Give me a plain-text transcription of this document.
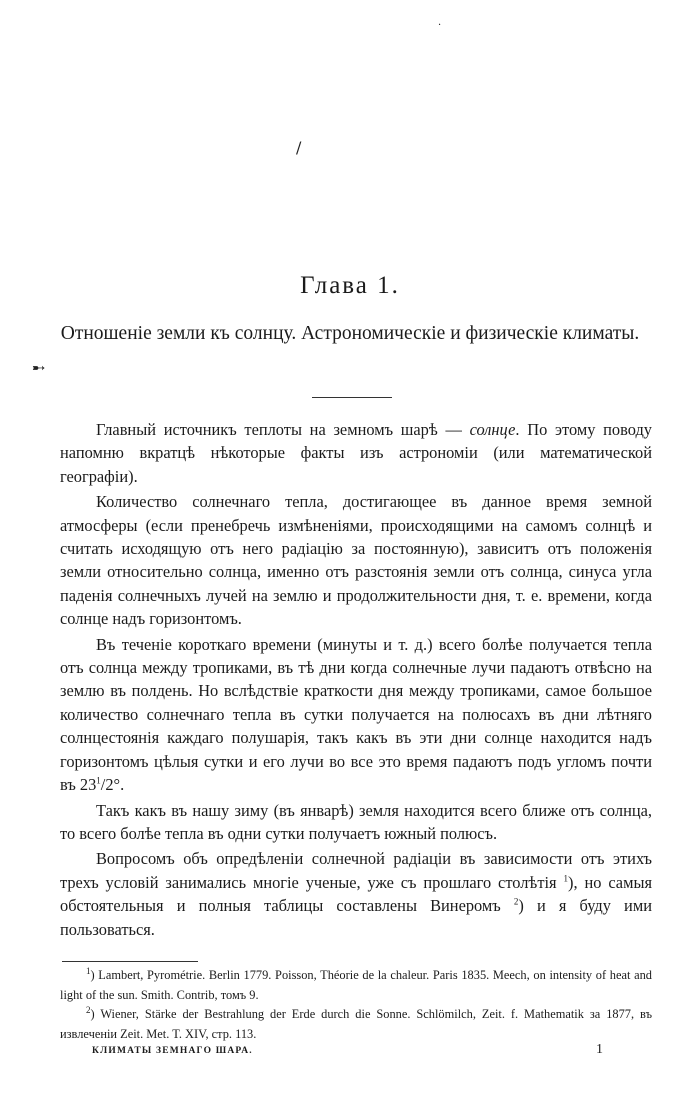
·
/
➸
Глава 1.
Отношеніе земли къ солнцу. Астрономическіе и физическіе климаты.

Главный источникъ теплоты на земномъ шарѣ — солнце. По этому поводу напомню вкратцѣ нѣкоторые факты изъ астрономіи (или математической географіи).

Количество солнечнаго тепла, достигающее въ данное время земной атмосферы (если пренебречь измѣненіями, происходящими на самомъ солнцѣ и считать исходящую отъ него радіацію за постоянную), зависитъ отъ положенія земли относительно солнца, именно отъ разстоянія земли отъ солнца, синуса угла паденія солнечныхъ лучей на землю и продолжительности дня, т. е. времени, когда солнце надъ горизонтомъ.

Въ теченіе короткаго времени (минуты и т. д.) всего болѣе получается тепла отъ солнца между тропиками, въ тѣ дни когда солнечные лучи падаютъ отвѣсно на землю въ полдень. Но вслѣдствіе краткости дня между тропиками, самое большое количество солнечнаго тепла въ сутки получается на полюсахъ въ дни лѣтняго солнцестоянія каждаго полушарія, такъ какъ въ эти дни солнце находится надъ горизонтомъ цѣлыя сутки и его лучи во все это время падаютъ подъ угломъ почти въ $23^1/2^\circ$.

Такъ какъ въ нашу зиму (въ январѣ) земля находится всего ближе отъ солнца, то всего болѣе тепла въ одни сутки получаетъ южный полюсъ.

Вопросомъ объ опредѣленіи солнечной радіаціи въ зависимости отъ этихъ трехъ условій занимались многіе ученые, уже съ прошлаго столѣтія $^1$), но самыя обстоятельныя и полныя таблицы составлены Винеромъ $^2$) и я буду ими пользоваться.

$^1$) Lambert, Pyrométrie. Berlin 1779. Poisson, Théorie de la chaleur. Paris 1835. Meech, on intensity of heat and light of the sun. Smith. Contrib, томъ 9.

$^2$) Wiener, Stärke der Bestrahlung der Erde durch die Sonne. Schlömilch, Zeit. f. Mathematik за 1877, въ извлеченіи Zeit. Met. T. XIV, стр. 113.

КЛИМАТЫ ЗЕМНАГО ШАРА.	1
